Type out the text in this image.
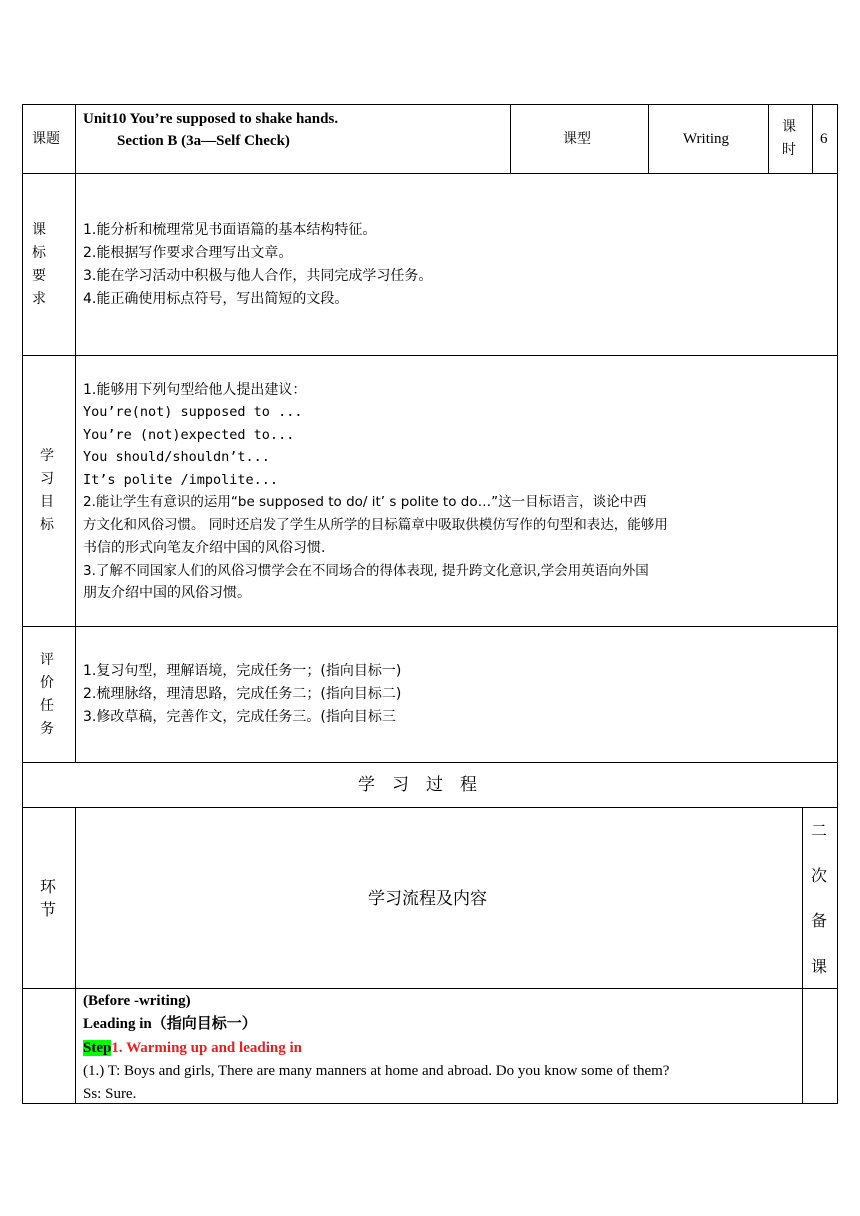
课题
Unit10 You’re supposed to shake hands.
Section B (3a—Self Check)	课型	Writing
课
时
6
课
标
要
求
1.能分析和梳理常见书面语篇的基本结构特征。
2.能根据写作要求合理写出文章。
3.能在学习活动中积极与他人合作，共同完成学习任务。
4.能正确使用标点符号，写出简短的文段。
学
习
目
标
1.能够用下列句型给他人提出建议：
You’re(not) supposed to ...
You’re (not)expected to...
You should/shouldn’t...
It’s polite /impolite...
2.能让学生有意识的运用“be supposed to do/ it’ s polite to do…”这一目标语言，谈论中西
方文化和风俗习惯。 同时还启发了学生从所学的目标篇章中吸取供模仿写作的句型和表达，能够用
书信的形式向笔友介绍中国的风俗习惯.
3.了解不同国家人们的风俗习惯学会在不同场合的得体表现, 提升跨文化意识,学会用英语向外国
朋友介绍中国的风俗习惯。
评
价
任
务
1.复习句型，理解语境，完成任务一；(指向目标一)
2.梳理脉络，理清思路，完成任务二；(指向目标二)
3.修改草稿，完善作文，完成任务三。(指向目标三
学　习　过　程
环
节
学习流程及内容
二
次
备
课
(Before -writing)
Leading in（指向目标一）
Step1. Warming up and leading in
(1.) T: Boys and girls, There are many manners at home and abroad. Do you know some of them?
Ss: Sure.
